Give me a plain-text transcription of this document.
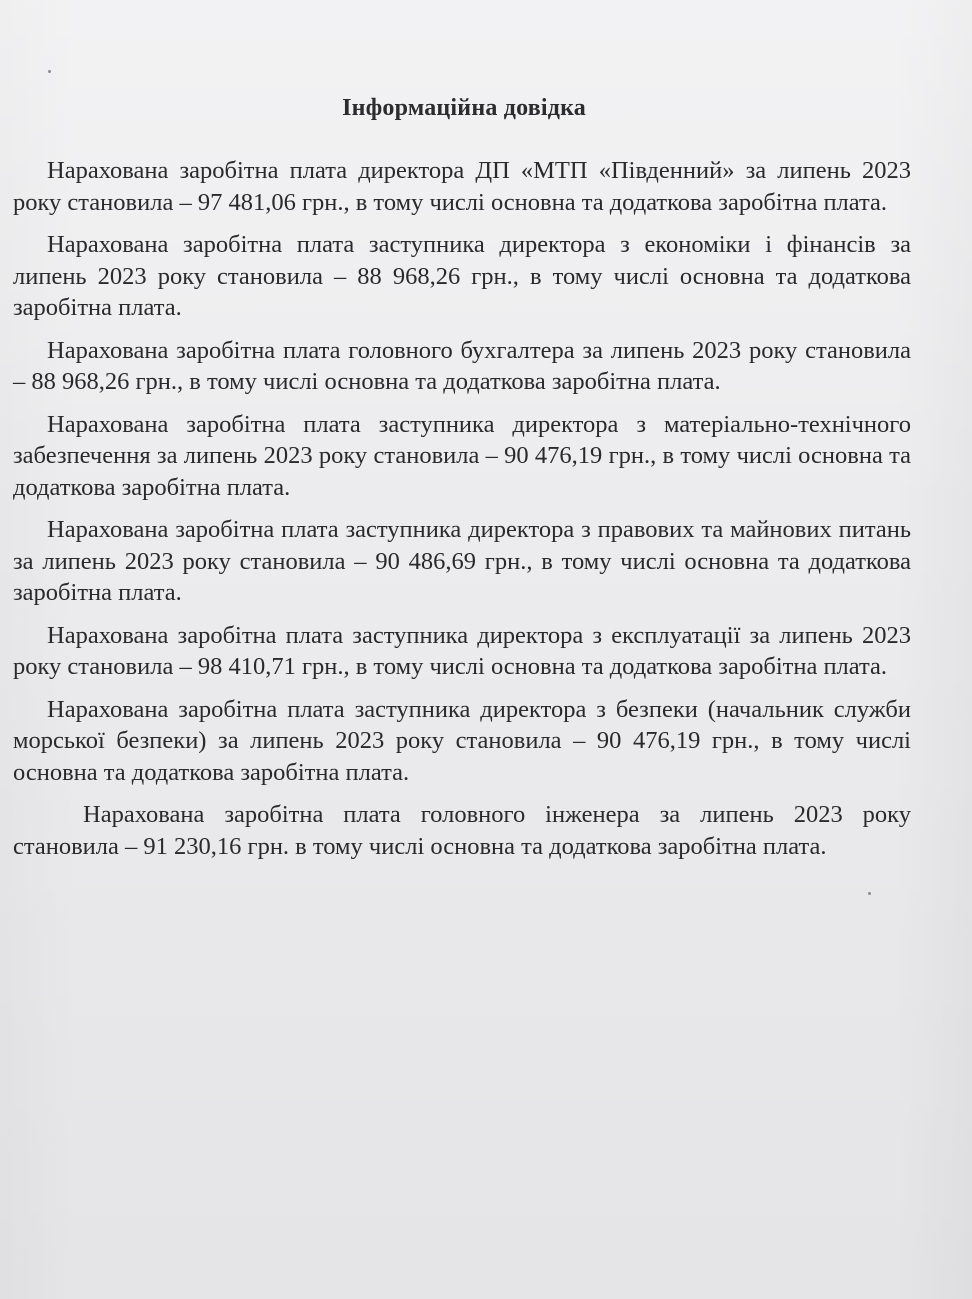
Інформаційна довідка

Нарахована заробітна плата директора ДП «МТП «Південний» за липень 2023 року становила – 97 481,06 грн., в тому числі основна та додаткова заробітна плата.

Нарахована заробітна плата заступника директора з економіки і фінансів за липень 2023 року становила – 88 968,26 грн., в тому числі основна та додаткова заробітна плата.

Нарахована заробітна плата головного бухгалтера за липень 2023 року становила – 88 968,26 грн., в тому числі основна та додаткова заробітна плата.

Нарахована заробітна плата заступника директора з матеріально-технічного забезпечення за липень 2023 року становила – 90 476,19 грн., в тому числі основна та додаткова заробітна плата.

Нарахована заробітна плата заступника директора з правових та майнових питань за липень 2023 року становила – 90 486,69 грн., в тому числі основна та додаткова заробітна плата.

Нарахована заробітна плата заступника директора з експлуатації за липень 2023 року становила – 98 410,71 грн., в тому числі основна та додаткова заробітна плата.

Нарахована заробітна плата заступника директора з безпеки (начальник служби морської безпеки) за липень 2023 року становила – 90 476,19 грн., в тому числі основна та додаткова заробітна плата.

Нарахована заробітна плата головного інженера за липень 2023 року становила – 91 230,16 грн. в тому числі основна та додаткова заробітна плата.
